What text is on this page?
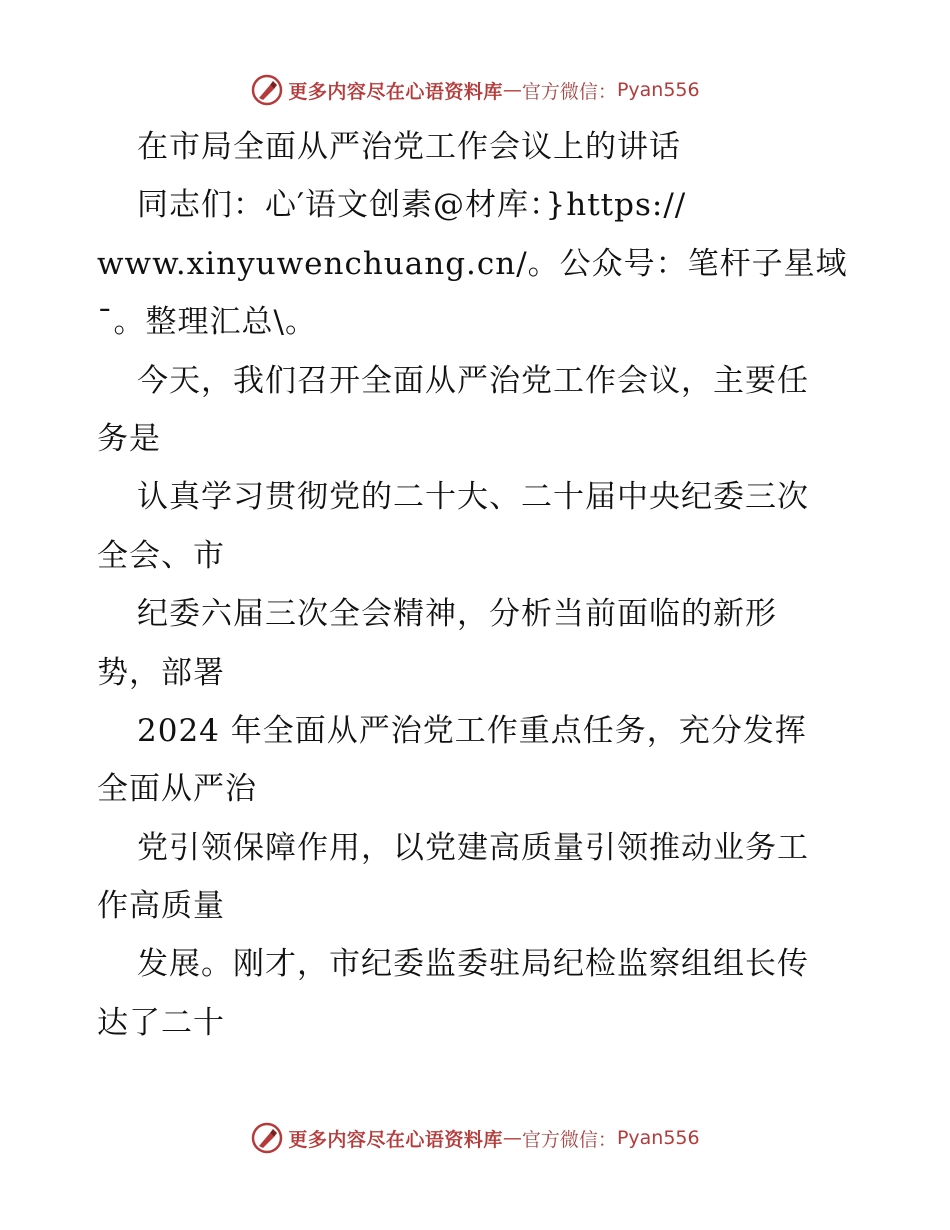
更多内容尽在心语资料库 — 官方微信： Pyan556
在市局全面从严治党工作会议上的讲话
同志们：心′语文创素@材库：}https://
www.xinyuwenchuang.cn/。公众号：笔杆子星域
¯。整理汇总\。
今天，我们召开全面从严治党工作会议，主要任
务是
认真学习贯彻党的二十大、二十届中央纪委三次
全会、市
纪委六届三次全会精神，分析当前面临的新形
势，部署
2024 年全面从严治党工作重点任务，充分发挥
全面从严治
党引领保障作用，以党建高质量引领推动业务工
作高质量
发展。刚才，市纪委监委驻局纪检监察组组长传
达了二十
更多内容尽在心语资料库 — 官方微信： Pyan556
